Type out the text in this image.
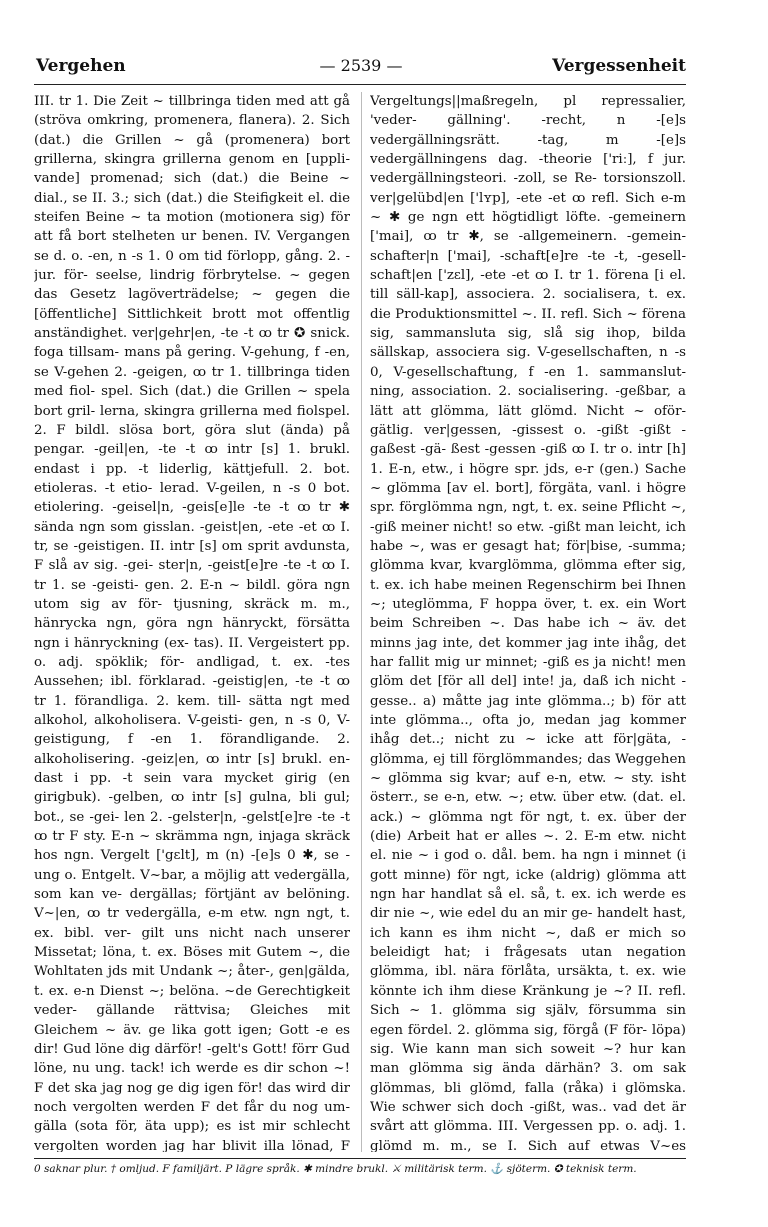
Vergehen	— 2539 —	Vergessenheit

III. tr 1. Die Zeit ~ tillbringa tiden med att gå (ströva omkring, promenera, flanera). 2. Sich (dat.) die Grillen ~ gå (promenera) bort grillerna, skingra grillerna genom en [uppli- vande] promenad; sich (dat.) die Beine ~ dial., se II. 3.; sich (dat.) die Steifigkeit el. die steifen Beine ~ ta motion (motionera sig) för att få bort stelheten ur benen. IV. Vergangen se d. o. -en, n -s 1. 0 om tid förlopp, gång. 2. - jur. för- seelse, lindrig förbrytelse. ~ gegen das Gesetz lagöverträdelse; ~ gegen die [öffentliche] Sittlichkeit brott mot offentlig anständighet. ver|gehr|en, -te -t ꝏ tr ✪ snick. foga tillsam- mans på gering. V-gehung, f -en, se V-gehen 2. -geigen, ꝏ tr 1. tillbringa tiden med fiol- spel. Sich (dat.) die Grillen ~ spela bort gril- lerna, skingra grillerna med fiolspel. 2. F bildl. slösa bort, göra slut (ända) på pengar. -geil|en, -te -t ꝏ intr [s] 1. brukl. endast i pp. -t liderlig, kättjefull. 2. bot. etioleras. -t etio- lerad. V-geilen, n -s 0 bot. etiolering. -geisel|n, -geis[e]le -te -t ꝏ tr ✱ sända ngn som gisslan. -geist|en, -ete -et ꝏ I. tr, se -geistigen. II. intr [s] om sprit avdunsta, F slå av sig. -gei- ster|n, -geist[e]re -te -t ꝏ I. tr 1. se -geisti- gen. 2. E-n ~ bildl. göra ngn utom sig av för- tjusning, skräck m. m., hänrycka ngn, göra ngn hänryckt, försätta ngn i hänryckning (ex- tas). II. Vergeistert pp. o. adj. spöklik; för- andligad, t. ex. -tes Aussehen; ibl. förklarad. -geistig|en, -te -t ꝏ tr 1. förandliga. 2. kem. till- sätta ngt med alkohol, alkoholisera. V-geisti- gen, n -s 0, V-geistigung, f -en 1. förandligande. 2. alkoholisering. -geiz|en, ꝏ intr [s] brukl. en- dast i pp. -t sein vara mycket girig (en girigbuk). -gelben, ꝏ intr [s] gulna, bli gul; bot., se -gei- len 2. -gelster|n, -gelst[e]re -te -t ꝏ tr F sty. E-n ~ skrämma ngn, injaga skräck hos ngn. Vergelt ['gɛlt], m (n) -[e]s 0 ✱, se -ung o. Entgelt. V~bar, a möjlig att vedergälla, som kan ve- dergällas; förtjänt av belöning. V~|en, ꝏ tr vedergälla, e-m etw. ngn ngt, t. ex. bibl. ver- gilt uns nicht nach unserer Missetat; löna, t. ex. Böses mit Gutem ~, die Wohltaten jds mit Undank ~; åter-, gen|gälda, t. ex. e-n Dienst ~; belöna. ~de Gerechtigkeit veder- gällande rättvisa; Gleiches mit Gleichem ~ äv. ge lika gott igen; Gott -e es dir! Gud löne dig därför! -gelt's Gott! förr Gud löne, nu ung. tack! ich werde es dir schon ~! F det ska jag nog ge dig igen för! das wird dir noch vergolten werden F det får du nog um- gälla (sota för, äta upp); es ist mir schlecht vergolten worden jag har blivit illa lönad, F

Vergeltungs||maßregeln, pl repressalier, 'veder- gällning'. -recht, n -[e]s vedergällningsrätt. -tag, m -[e]s vedergällningens dag. -theorie ['riː], f jur. vedergällningsteori. -zoll, se Re- torsionszoll. ver|gelübd|en ['lʏp], -ete -et ꝏ refl. Sich e-m ~ ✱ ge ngn ett högtidligt löfte. -gemeinern ['mai], ꝏ tr ✱, se -allgemeinern. -gemein- schafter|n ['mai], -schaft[e]re -te -t, -gesell- schaft|en ['zɛl], -ete -et ꝏ I. tr 1. förena [i el. till säll-kap], associera. 2. socialisera, t. ex. die Produktionsmittel ~. II. refl. Sich ~ förena sig, sammansluta sig, slå sig ihop, bilda sällskap, associera sig. V-gesellschaften, n -s 0, V-gesellschaftung, f -en 1. sammanslut- ning, association. 2. socialisering. -geßbar, a lätt att glömma, lätt glömd. Nicht ~ oför- gätlig. ver|gessen, -gissest o. -gißt -gißt -gaßest -gä- ßest -gessen -giß ꝏ I. tr o. intr [h] 1. E-n, etw., i högre spr. jds, e-r (gen.) Sache ~ glömma [av el. bort], förgäta, vanl. i högre spr. förglömma ngn, ngt, t. ex. seine Pflicht ~, -giß meiner nicht! so etw. -gißt man leicht, ich habe ~, was er gesagt hat; för|bise, -summa; glömma kvar, kvarglömma, glömma efter sig, t. ex. ich habe meinen Regenschirm bei Ihnen ~; uteglömma, F hoppa över, t. ex. ein Wort beim Schreiben ~. Das habe ich ~ äv. det minns jag inte, det kommer jag inte ihåg, det har fallit mig ur minnet; -giß es ja nicht! men glöm det [för all del] inte! ja, daß ich nicht -gesse.. a) måtte jag inte glömma..; b) för att inte glömma.., ofta jo, medan jag kommer ihåg det..; nicht zu ~ icke att för|gäta, -glömma, ej till förglömmandes; das Weggehen ~ glömma sig kvar; auf e-n, etw. ~ sty. isht österr., se e-n, etw. ~; etw. über etw. (dat. el. ack.) ~ glömma ngt för ngt, t. ex. über der (die) Arbeit hat er alles ~. 2. E-m etw. nicht el. nie ~ i god o. dål. bem. ha ngn i minnet (i gott minne) för ngt, icke (aldrig) glömma att ngn har handlat så el. så, t. ex. ich werde es dir nie ~, wie edel du an mir ge- handelt hast, ich kann es ihm nicht ~, daß er mich so beleidigt hat; i frågesats utan negation glömma, ibl. nära förlåta, ursäkta, t. ex. wie könnte ich ihm diese Kränkung je ~? II. refl. Sich ~ 1. glömma sig själv, försumma sin egen fördel. 2. glömma sig, förgå (F för- löpa) sig. Wie kann man sich soweit ~? hur kan man glömma sig ända därhän? 3. om sak glömmas, bli glömd, falla (råka) i glömska. Wie schwer sich doch -gißt, was.. vad det är svårt att glömma. III. Vergessen pp. o. adj. 1. glömd m. m., se I. Sich auf etwas V~es

0 saknar plur. † omljud. F familjärt. P lägre språk. ✱ mindre brukl. ⚔ militärisk term. ⚓ sjöterm. ✪ teknisk term.
